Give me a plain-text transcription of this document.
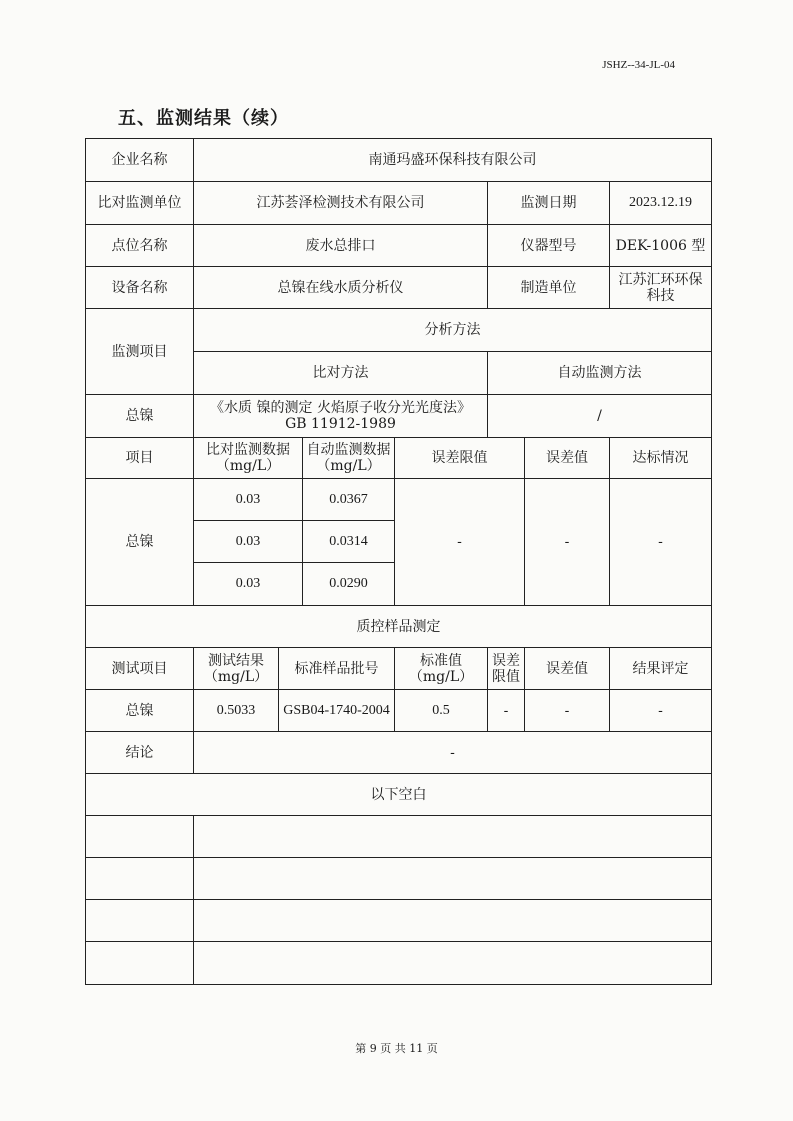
JSHZ--34-JL-04
五、监测结果（续）
企业名称	南通玛盛环保科技有限公司						
比对监测单位	江苏荟泽检测技术有限公司				监测日期		2023.12.19
点位名称	废水总排口				仪器型号		DEK-1006 型
设备名称	总镍在线水质分析仪				制造单位		江苏汇环环保科技
监测项目	分析方法						
	比对方法				自动监测方法		
总镍	《水质 镍的测定 火焰原子收分光光度法》GB 11912-1989				/		
项目	比对监测数据（mg/L）		自动监测数据（mg/L）	误差限值		误差值	达标情况
总镍	0.03		0.0367	-		-	-
	0.03		0.0314				
	0.03		0.0290				
质控样品测定							
测试项目	测试结果（mg/L）	标准样品批号		标准值（mg/L）	误差限值	误差值	结果评定
总镍	0.5033	GSB04-1740-2004		0.5	-	-	-
结论	-						
以下空白							

第 9 页 共 11 页
